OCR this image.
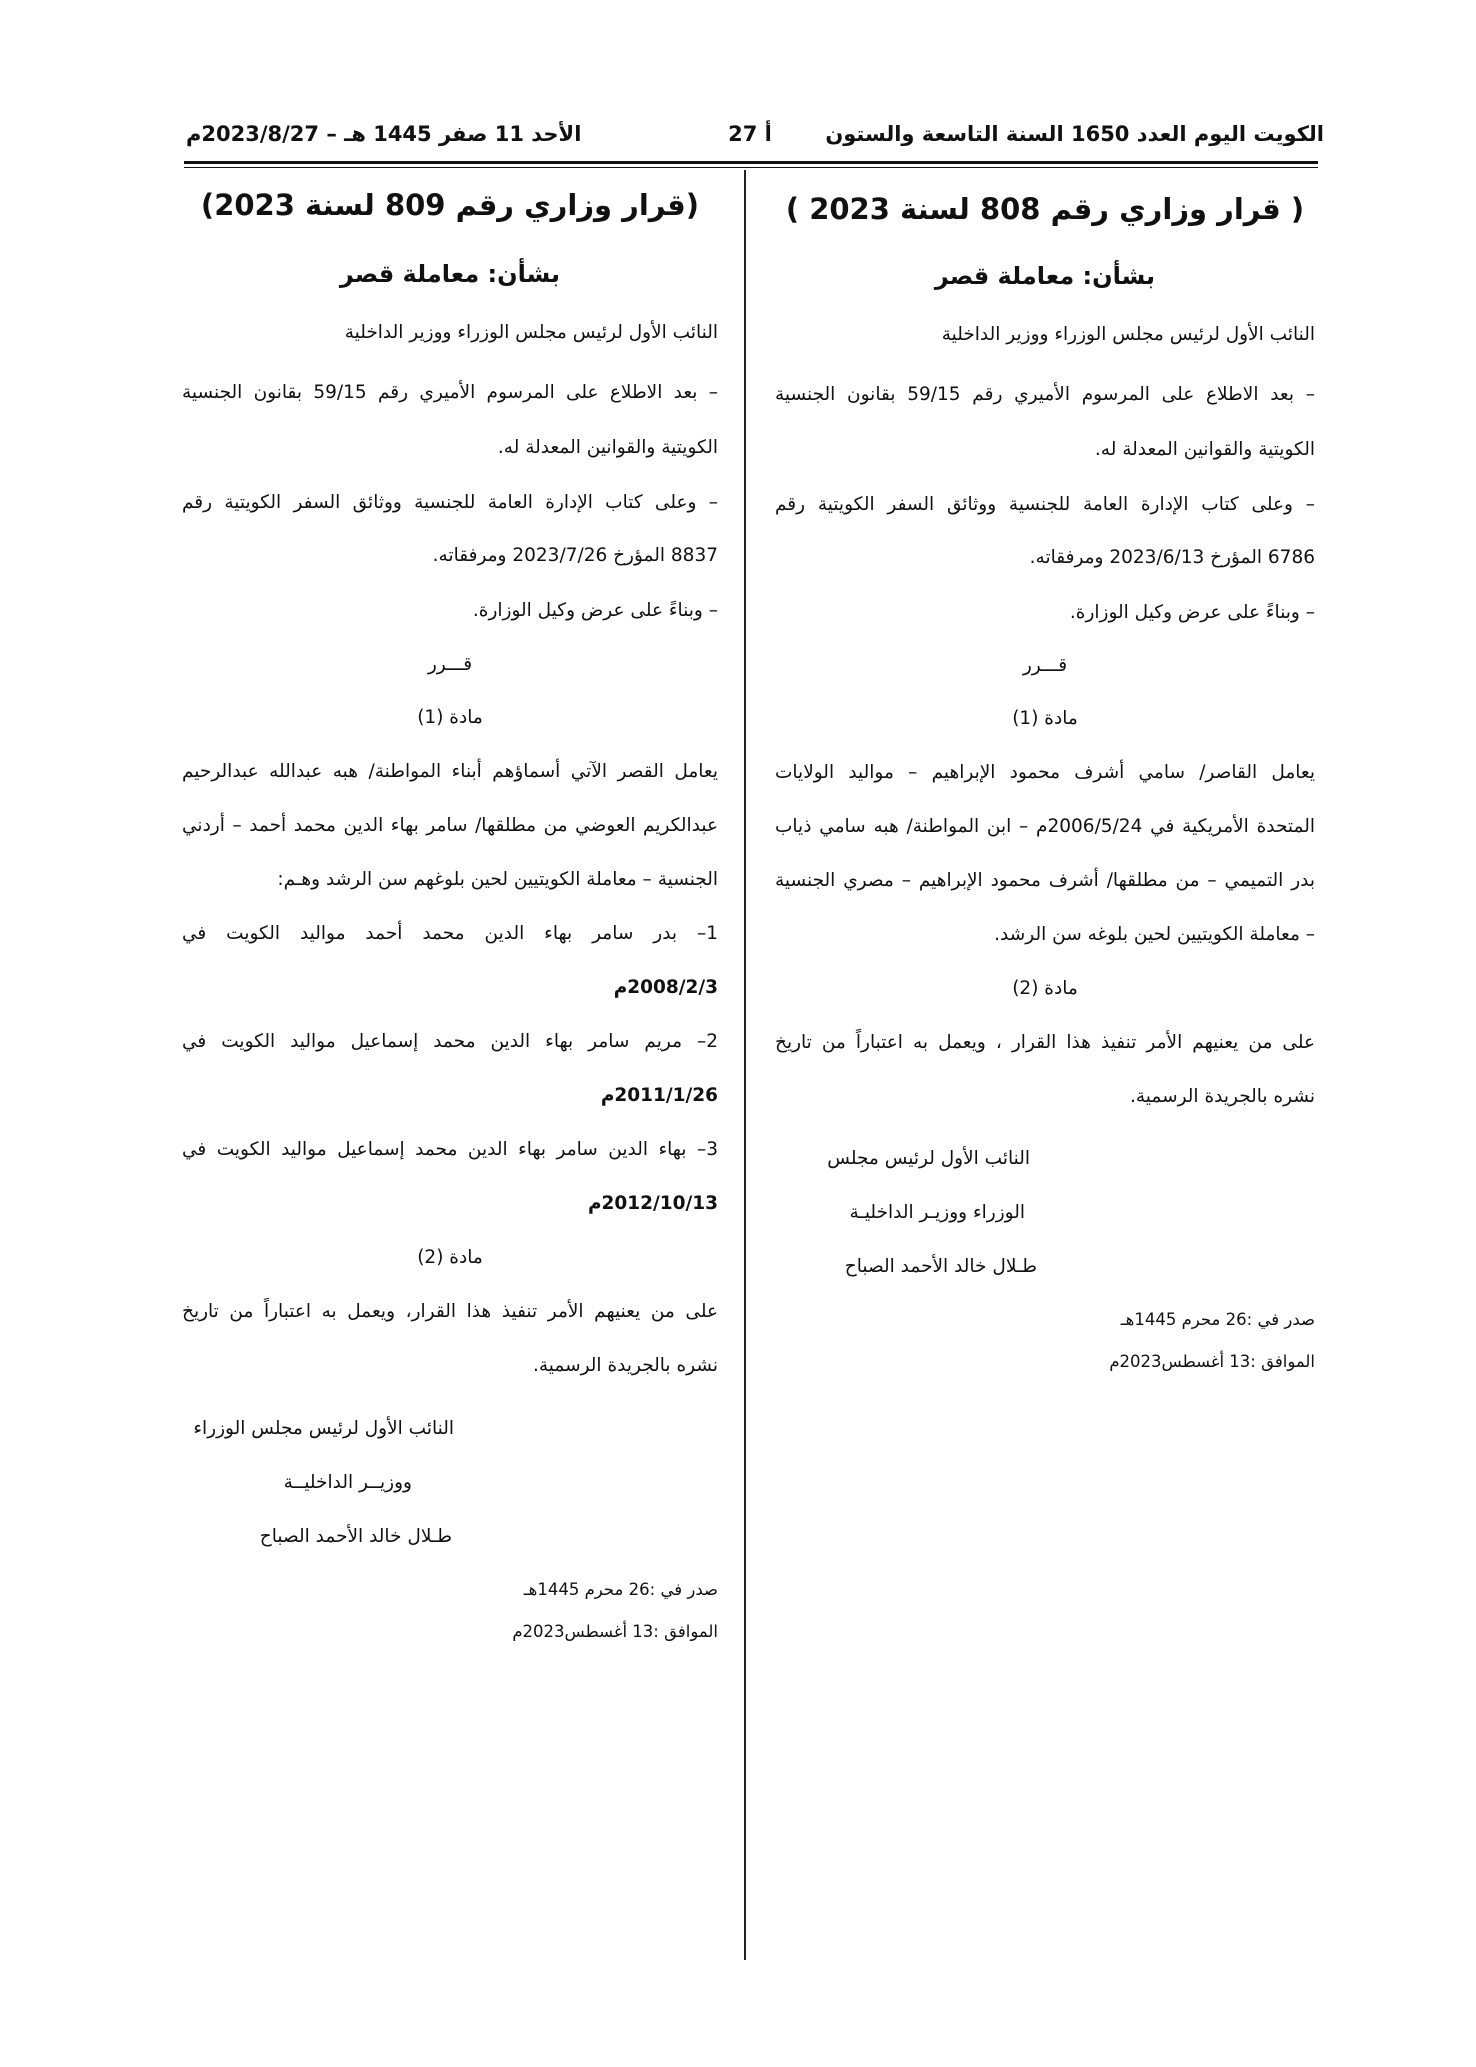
الكويت اليوم العدد 1650 السنة التاسعة والستون
أ 27
الأحد 11 صفر 1445 هـ – 2023/8/27م
( قرار وزاري رقم 808 لسنة 2023 )
بشأن: معاملة قصر
النائب الأول لرئيس مجلس الوزراء ووزير الداخلية
– بعد الاطلاع على المرسوم الأميري رقم 59/15 بقانون الجنسية
الكويتية والقوانين المعدلة له.
– وعلى كتاب الإدارة العامة للجنسية ووثائق السفر الكويتية رقم
6786 المؤرخ 2023/6/13 ومرفقاته.
– وبناءً على عرض وكيل الوزارة.
قـــرر
مادة (1)
يعامل القاصر/ سامي أشرف محمود الإبراهيم – مواليد الولايات
المتحدة الأمريكية في 2006/5/24م – ابن المواطنة/ هبه سامي ذياب
بدر التميمي – من مطلقها/ أشرف محمود الإبراهيم – مصري الجنسية
– معاملة الكويتيين لحين بلوغه سن الرشد.
مادة (2)
على من يعنيهم الأمر تنفيذ هذا القرار ، ويعمل به اعتباراً من تاريخ
نشره بالجريدة الرسمية.
النائب الأول لرئيس مجلس
الوزراء ووزيـر الداخليـة
طـلال خالد الأحمد الصباح
صدر في :26 محرم 1445هـ
الموافق :13 أغسطس2023م
(قرار وزاري رقم 809 لسنة 2023)
بشأن: معاملة قصر
النائب الأول لرئيس مجلس الوزراء ووزير الداخلية
– بعد الاطلاع على المرسوم الأميري رقم 59/15 بقانون الجنسية
الكويتية والقوانين المعدلة له.
– وعلى كتاب الإدارة العامة للجنسية ووثائق السفر الكويتية رقم
8837 المؤرخ 2023/7/26 ومرفقاته.
– وبناءً على عرض وكيل الوزارة.
قـــرر
مادة (1)
يعامل القصر الآتي أسماؤهم أبناء المواطنة/ هبه عبدالله عبدالرحيم
عبدالكريم العوضي من مطلقها/ سامر بهاء الدين محمد أحمد – أردني
الجنسية – معاملة الكويتيين لحين بلوغهم سن الرشد وهـم:
1– بدر سامر بهاء الدين محمد أحمد مواليد الكويت في
2008/2/3م
2– مريم سامر بهاء الدين محمد إسماعيل مواليد الكويت في
2011/1/26م
3– بهاء الدين سامر بهاء الدين محمد إسماعيل مواليد الكويت في
2012/10/13م
مادة (2)
على من يعنيهم الأمر تنفيذ هذا القرار، ويعمل به اعتباراً من تاريخ
نشره بالجريدة الرسمية.
النائب الأول لرئيس مجلس الوزراء
ووزيــر الداخليــة
طـلال خالد الأحمد الصباح
صدر في :26 محرم 1445هـ
الموافق :13 أغسطس2023م
